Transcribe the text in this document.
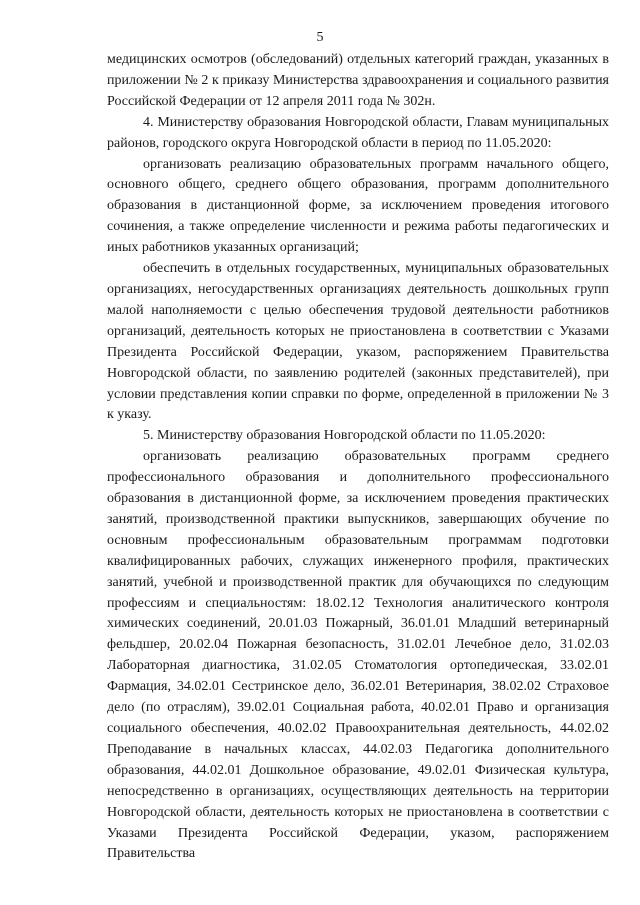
5

медицинских осмотров (обследований) отдельных категорий граждан, указанных в приложении № 2 к приказу Министерства здравоохранения и социального развития Российской Федерации от 12 апреля 2011 года № 302н.

4. Министерству образования Новгородской области, Главам муниципальных районов, городского округа Новгородской области в период по 11.05.2020:

организовать реализацию образовательных программ начального общего, основного общего, среднего общего образования, программ дополнительного образования в дистанционной форме, за исключением проведения итогового сочинения, а также определение численности и режима работы педагогических и иных работников указанных организаций;

обеспечить в отдельных государственных, муниципальных образовательных организациях, негосударственных организациях деятельность дошкольных групп малой наполняемости с целью обеспечения трудовой деятельности работников организаций, деятельность которых не приостановлена в соответствии с Указами Президента Российской Федерации, указом, распоряжением Правительства Новгородской области, по заявлению родителей (законных представителей), при условии представления копии справки по форме, определенной в приложении № 3 к указу.

5. Министерству образования Новгородской области по 11.05.2020:

организовать реализацию образовательных программ среднего профессионального образования и дополнительного профессионального образования в дистанционной форме, за исключением проведения практических занятий, производственной практики выпускников, завершающих обучение по основным профессиональным образовательным программам подготовки квалифицированных рабочих, служащих инженерного профиля, практических занятий, учебной и производственной практик для обучающихся по следующим профессиям и специальностям: 18.02.12 Технология аналитического контроля химических соединений, 20.01.03 Пожарный, 36.01.01 Младший ветеринарный фельдшер, 20.02.04 Пожарная безопасность, 31.02.01 Лечебное дело, 31.02.03 Лабораторная диагностика, 31.02.05 Стоматология ортопедическая, 33.02.01 Фармация, 34.02.01 Сестринское дело, 36.02.01 Ветеринария, 38.02.02 Страховое дело (по отраслям), 39.02.01 Социальная работа, 40.02.01 Право и организация социального обеспечения, 40.02.02 Правоохранительная деятельность, 44.02.02 Преподавание в начальных классах, 44.02.03 Педагогика дополнительного образования, 44.02.01 Дошкольное образование, 49.02.01 Физическая культура, непосредственно в организациях, осуществляющих деятельность на территории Новгородской области, деятельность которых не приостановлена в соответствии с Указами Президента Российской Федерации, указом, распоряжением Правительства
